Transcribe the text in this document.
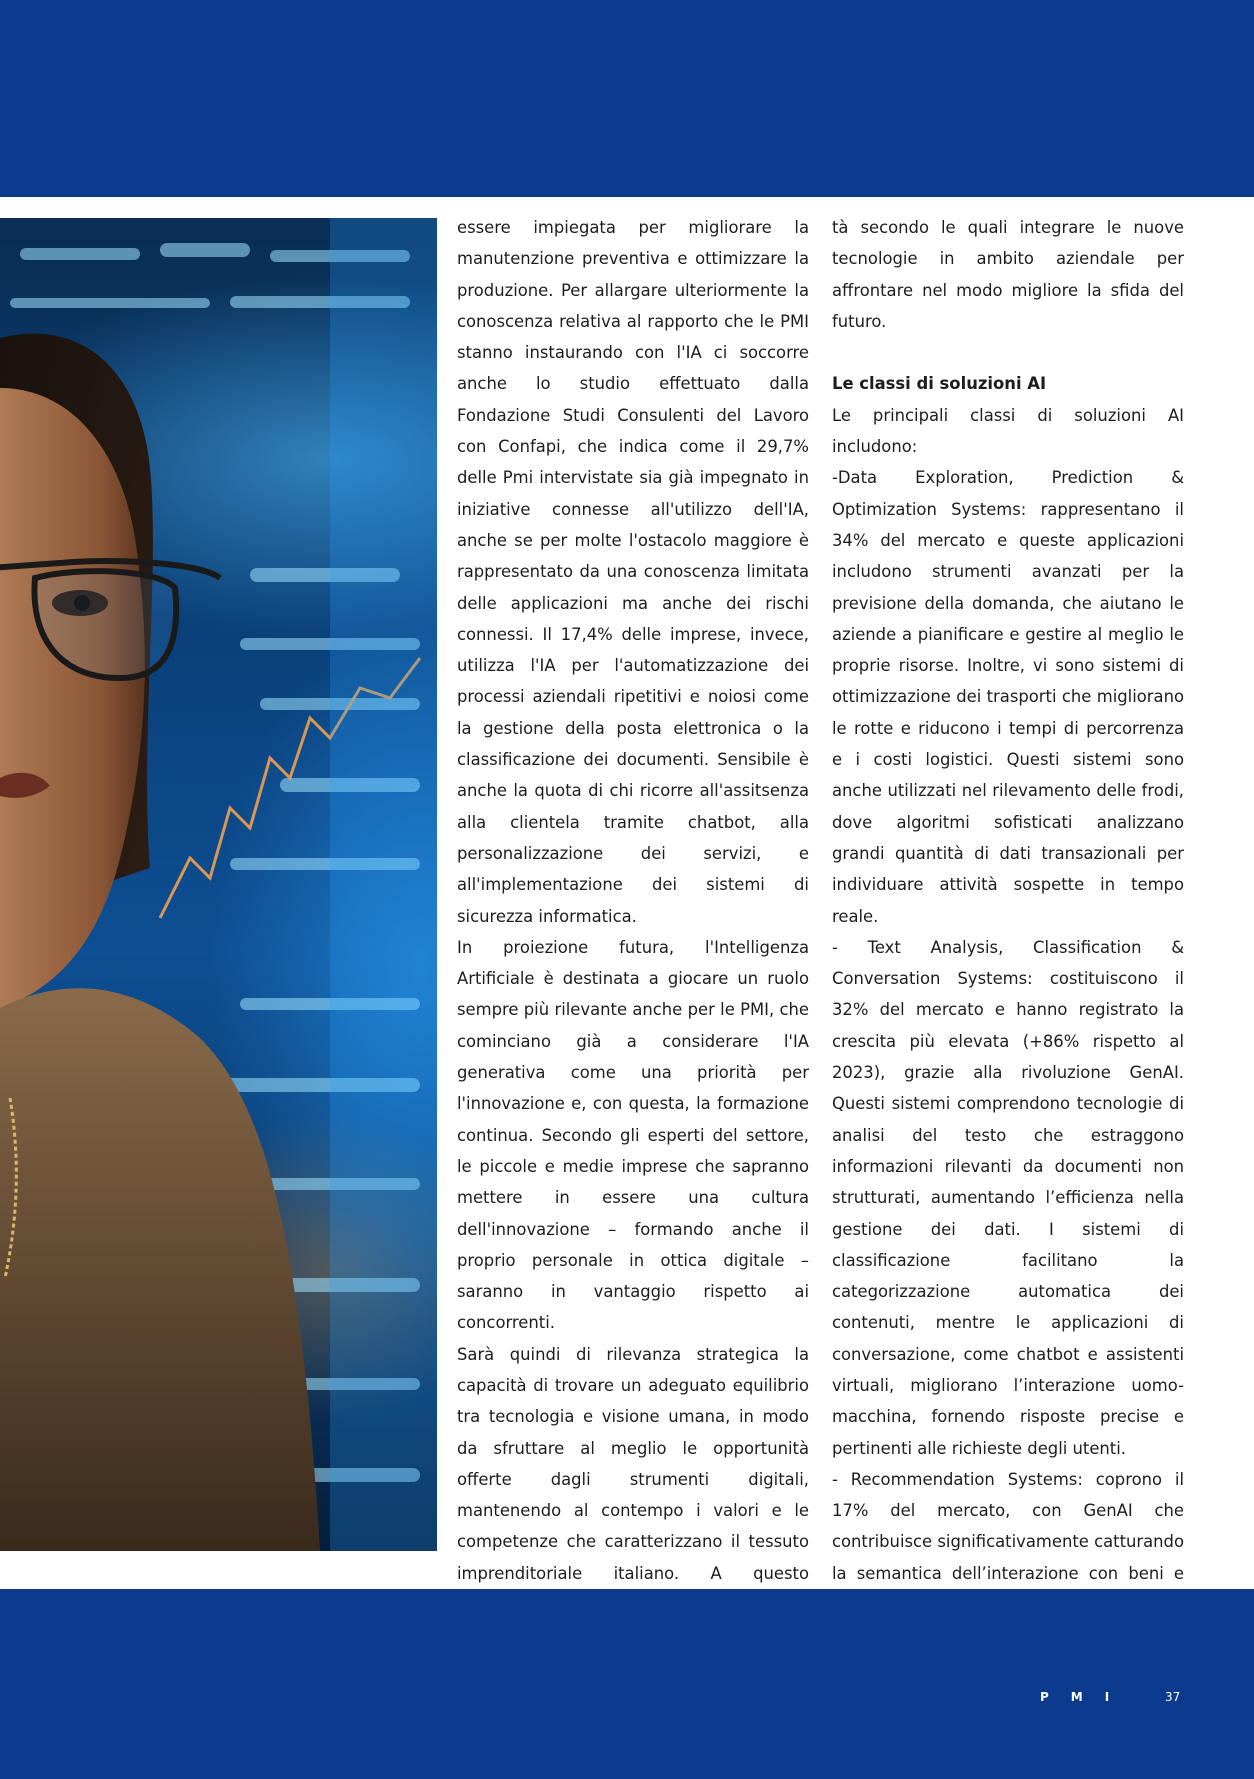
essere impiegata per migliorare la manutenzione preventiva e ottimizzare la produzione. Per allargare ulteriormente la conoscenza relativa al rapporto che le PMI stanno instaurando con l'IA ci soccorre anche lo studio effettuato dalla Fondazione Studi Consulenti del Lavoro con Confapi, che indica come il 29,7% delle Pmi intervistate sia già impegnato in iniziative connesse all'utilizzo dell'IA, anche se per molte l'ostacolo maggiore è rappresentato da una conoscenza limitata delle applicazioni ma anche dei rischi connessi. Il 17,4% delle imprese, invece, utilizza l'IA per l'automatizzazione dei processi aziendali ripetitivi e noiosi come la gestione della posta elettronica o la classificazione dei documenti. Sensibile è anche la quota di chi ricorre all'assitsenza alla clientela tramite chatbot, alla personalizzazione dei servizi, e all'implementazione dei sistemi di sicurezza informatica.

In proiezione futura, l'Intelligenza Artificiale è destinata a giocare un ruolo sempre più rilevante anche per le PMI, che cominciano già a considerare l'IA generativa come una priorità per l'innovazione e, con questa, la formazione continua. Secondo gli esperti del settore, le piccole e medie imprese che sapranno mettere in essere una cultura dell'innovazione – formando anche il proprio personale in ottica digitale – saranno in vantaggio rispetto ai concorrenti.

Sarà quindi di rilevanza strategica la capacità di trovare un adeguato equilibrio tra tecnologia e visione umana, in modo da sfruttare al meglio le opportunità offerte dagli strumenti digitali, mantenendo al contempo i valori e le competenze che caratterizzano il tessuto imprenditoriale italiano. A questo

tà secondo le quali integrare le nuove tecnologie in ambito aziendale per affrontare nel modo migliore la sfida del futuro.

Le classi di soluzioni AI

Le principali classi di soluzioni AI includono:

-Data Exploration, Prediction & Optimization Systems: rappresentano il 34% del mercato e queste applicazioni includono strumenti avanzati per la previsione della domanda, che aiutano le aziende a pianificare e gestire al meglio le proprie risorse. Inoltre, vi sono sistemi di ottimizzazione dei trasporti che migliorano le rotte e riducono i tempi di percorrenza e i costi logistici. Questi sistemi sono anche utilizzati nel rilevamento delle frodi, dove algoritmi sofisticati analizzano grandi quantità di dati transazionali per individuare attività sospette in tempo reale.

- Text Analysis, Classification & Conversation Systems: costituiscono il 32% del mercato e hanno registrato la crescita più elevata (+86% rispetto al 2023), grazie alla rivoluzione GenAI. Questi sistemi comprendono tecnologie di analisi del testo che estraggono informazioni rilevanti da documenti non strutturati, aumentando l’efficienza nella gestione dei dati. I sistemi di classificazione facilitano la categorizzazione automatica dei contenuti, mentre le applicazioni di conversazione, come chatbot e assistenti virtuali, migliorano l’interazione uomo-macchina, fornendo risposte precise e pertinenti alle richieste degli utenti.

- Recommendation Systems: coprono il 17% del mercato, con GenAI che contribuisce significativamente catturando la semantica dell’interazione con beni e

PMI	37
